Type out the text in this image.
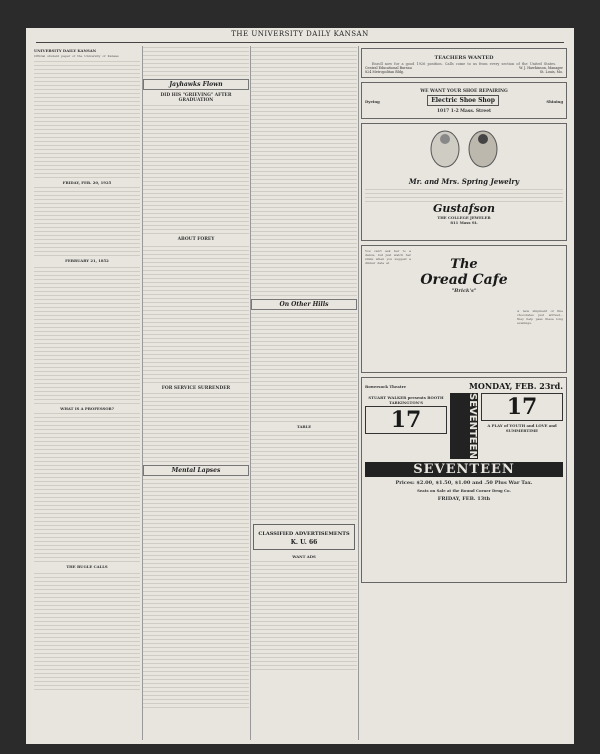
THE UNIVERSITY DAILY KANSAN
UNIVERSITY DAILY KANSAN
Official student paper of the University of Kansas
FRIDAY, FEB. 20, 1925
FEBRUARY 21, 1852
WHAT IS A PROFESSOR?
THE BUGLE CALLS
Jayhawks Flown
DID HIS "GRIEVING" AFTER GRADUATION
ABOUT FOREY
FOR SERVICE SURRENDER
Mental Lapses
On Other Hills
TABLE
CLASSIFIED ADVERTISEMENTS
K. U. 66
WANT ADS
TEACHERS WANTED
Enroll now for a good 1926 position. Calls come to us from every section of the United States.
Central Educational Bureau	W. J. Hawkinson, Manager
824 Metropolitan Bldg.	St. Louis, Mo.
WE WANT YOUR SHOE REPAIRING
Dyeing	Electric Shoe Shop	Shining
1017 1-2 Mass. Street
Mr. and Mrs. Spring Jewelry
Gustafson
THE COLLEGE JEWELER
811 Mass St.
You can't ask her to a dance, but just watch her smile when you suggest a dinner date at	The
Oread Cafe
"Brick's"
A new shipment of fine chocolates just arrived... they help pass these long evenings.
Bowersock Theatre	MONDAY, FEB. 23rd.
STUART WALKER presents BOOTH TARKINGTON'S
17	SEVENTEEN	17
A PLAY of YOUTH and LOVE and SUMMERTIME
SEVENTEEN
Prices: $2.00, $1.50, $1.00 and .50 Plus War Tax.
Seats on Sale at the Round Corner Drug Co.
FRIDAY, FEB. 13th
